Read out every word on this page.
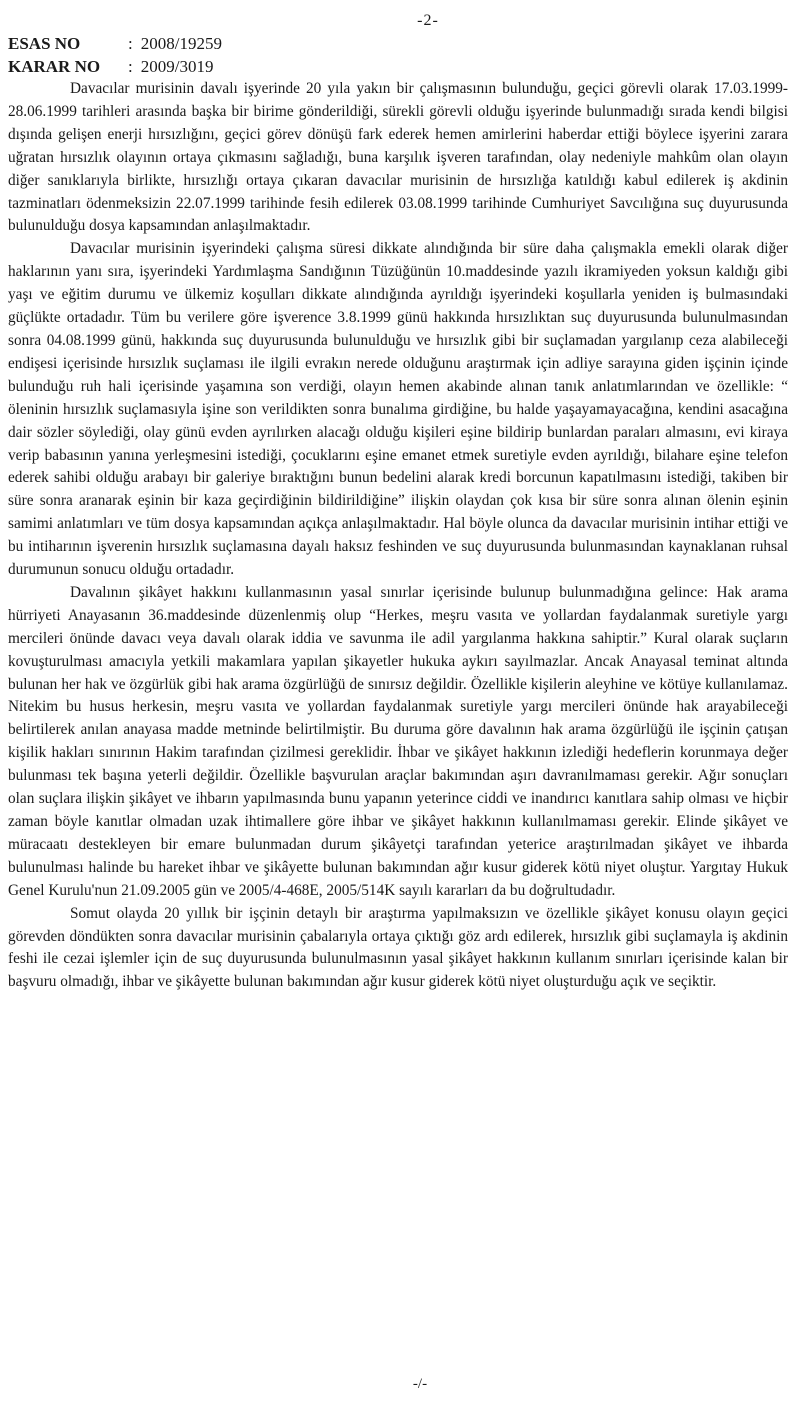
-2-
ESAS NO	: 2008/19259
KARAR NO : 2009/3019

Davacılar murisinin davalı işyerinde 20 yıla yakın bir çalışmasının bulunduğu, geçici görevli olarak 17.03.1999-28.06.1999 tarihleri arasında başka bir birime gönderildiği, sürekli görevli olduğu işyerinde bulunmadığı sırada kendi bilgisi dışında gelişen enerji hırsızlığını, geçici görev dönüşü fark ederek hemen amirlerini haberdar ettiği böylece işyerini zarara uğratan hırsızlık olayının ortaya çıkmasını sağladığı, buna karşılık işveren tarafından, olay nedeniyle mahkûm olan olayın diğer sanıklarıyla birlikte, hırsızlığı ortaya çıkaran davacılar murisinin de hırsızlığa katıldığı kabul edilerek iş akdinin tazminatları ödenmeksizin 22.07.1999 tarihinde fesih edilerek 03.08.1999 tarihinde Cumhuriyet Savcılığına suç duyurusunda bulunulduğu dosya kapsamından anlaşılmaktadır.

Davacılar murisinin işyerindeki çalışma süresi dikkate alındığında bir süre daha çalışmakla emekli olarak diğer haklarının yanı sıra, işyerindeki Yardımlaşma Sandığının Tüzüğünün 10.maddesinde yazılı ikramiyeden yoksun kaldığı gibi yaşı ve eğitim durumu ve ülkemiz koşulları dikkate alındığında ayrıldığı işyerindeki koşullarla yeniden iş bulmasındaki güçlükte ortadadır. Tüm bu verilere göre işverence 3.8.1999 günü hakkında hırsızlıktan suç duyurusunda bulunulmasından sonra 04.08.1999 günü, hakkında suç duyurusunda bulunulduğu ve hırsızlık gibi bir suçlamadan yargılanıp ceza alabileceği endişesi içerisinde hırsızlık suçlaması ile ilgili evrakın nerede olduğunu araştırmak için adliye sarayına giden işçinin içinde bulunduğu ruh hali içerisinde yaşamına son verdiği, olayın hemen akabinde alınan tanık anlatımlarından ve özellikle: “ öleninin hırsızlık suçlamasıyla işine son verildikten sonra bunalıma girdiğine, bu halde yaşayamayacağına, kendini asacağına dair sözler söylediği, olay günü evden ayrılırken alacağı olduğu kişileri eşine bildirip bunlardan paraları almasını, evi kiraya verip babasının yanına yerleşmesini istediği, çocuklarını eşine emanet etmek suretiyle evden ayrıldığı, bilahare eşine telefon ederek sahibi olduğu arabayı bir galeriye bıraktığını bunun bedelini alarak kredi borcunun kapatılmasını istediği, takiben bir süre sonra aranarak eşinin bir kaza geçirdiğinin bildirildiğine” ilişkin olaydan çok kısa bir süre sonra alınan ölenin eşinin samimi anlatımları ve tüm dosya kapsamından açıkça anlaşılmaktadır. Hal böyle olunca da davacılar murisinin intihar ettiği ve bu intiharının işverenin hırsızlık suçlamasına dayalı haksız feshinden ve suç duyurusunda bulunmasından kaynaklanan ruhsal durumunun sonucu olduğu ortadadır.

Davalının şikâyet hakkını kullanmasının yasal sınırlar içerisinde bulunup bulunmadığına gelince: Hak arama hürriyeti Anayasanın 36.maddesinde düzenlenmiş olup “Herkes, meşru vasıta ve yollardan faydalanmak suretiyle yargı mercileri önünde davacı veya davalı olarak iddia ve savunma ile adil yargılanma hakkına sahiptir.” Kural olarak suçların kovuşturulması amacıyla yetkili makamlara yapılan şikayetler hukuka aykırı sayılmazlar. Ancak Anayasal teminat altında bulunan her hak ve özgürlük gibi hak arama özgürlüğü de sınırsız değildir. Özellikle kişilerin aleyhine ve kötüye kullanılamaz. Nitekim bu husus herkesin, meşru vasıta ve yollardan faydalanmak suretiyle yargı mercileri önünde hak arayabileceği belirtilerek anılan anayasa madde metninde belirtilmiştir. Bu duruma göre davalının hak arama özgürlüğü ile işçinin çatışan kişilik hakları sınırının Hakim tarafından çizilmesi gereklidir. İhbar ve şikâyet hakkının izlediği hedeflerin korunmaya değer bulunması tek başına yeterli değildir. Özellikle başvurulan araçlar bakımından aşırı davranılmaması gerekir. Ağır sonuçları olan suçlara ilişkin şikâyet ve ihbarın yapılmasında bunu yapanın yeterince ciddi ve inandırıcı kanıtlara sahip olması ve hiçbir zaman böyle kanıtlar olmadan uzak ihtimallere göre ihbar ve şikâyet hakkının kullanılmaması gerekir. Elinde şikâyet ve müracaatı destekleyen bir emare bulunmadan durum şikâyetçi tarafından yeterice araştırılmadan şikâyet ve ihbarda bulunulması halinde bu hareket ihbar ve şikâyette bulunan bakımından ağır kusur giderek kötü niyet oluştur. Yargıtay Hukuk Genel Kurulu'nun 21.09.2005 gün ve 2005/4-468E, 2005/514K sayılı kararları da bu doğrultudadır.

Somut olayda 20 yıllık bir işçinin detaylı bir araştırma yapılmaksızın ve özellikle şikâyet konusu olayın geçici görevden döndükten sonra davacılar murisinin çabalarıyla ortaya çıktığı göz ardı edilerek, hırsızlık gibi suçlamayla iş akdinin feshi ile cezai işlemler için de suç duyurusunda bulunulmasının yasal şikâyet hakkının kullanım sınırları içerisinde kalan bir başvuru olmadığı, ihbar ve şikâyette bulunan bakımından ağır kusur giderek kötü niyet oluşturduğu açık ve seçiktir.

-/-
